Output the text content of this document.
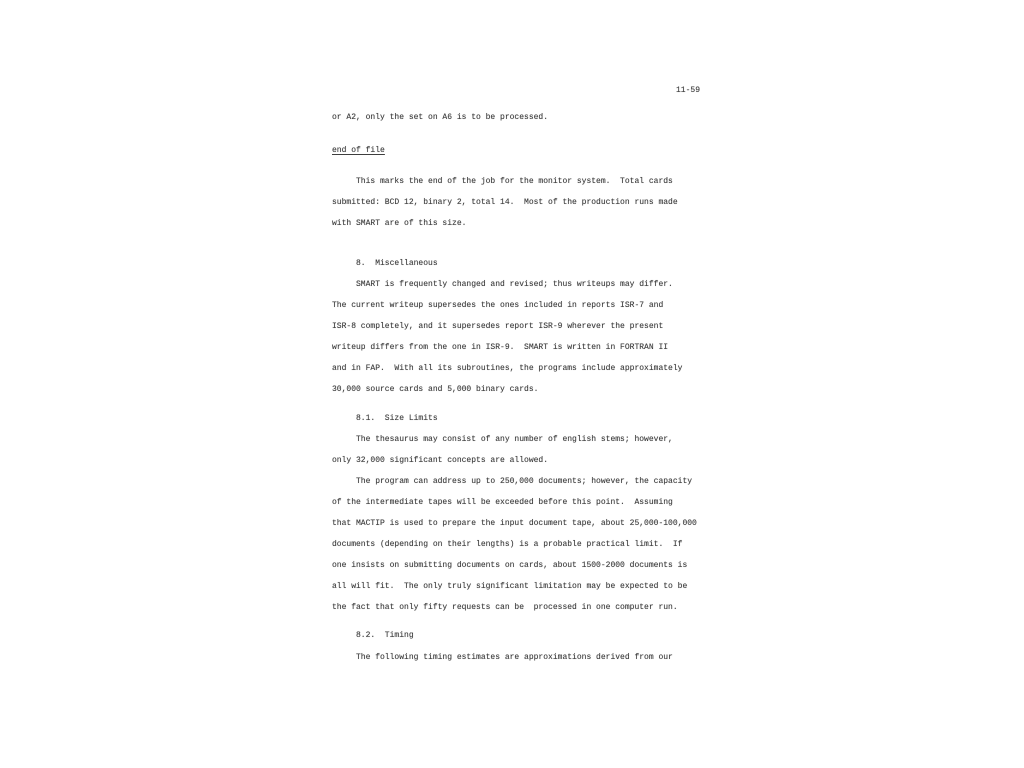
11-59
or A2, only the set on A6 is to be processed.
end of file
This marks the end of the job for the monitor system.  Total cards
submitted: BCD 12, binary 2, total 14.  Most of the production runs made
with SMART are of this size.
8.  Miscellaneous
SMART is frequently changed and revised; thus writeups may differ.
The current writeup supersedes the ones included in reports ISR-7 and
ISR-8 completely, and it supersedes report ISR-9 wherever the present
writeup differs from the one in ISR-9.  SMART is written in FORTRAN II
and in FAP.  With all its subroutines, the programs include approximately
30,000 source cards and 5,000 binary cards.
8.1.  Size Limits
The thesaurus may consist of any number of english stems; however,
only 32,000 significant concepts are allowed.
The program can address up to 250,000 documents; however, the capacity
of the intermediate tapes will be exceeded before this point.  Assuming
that MACTIP is used to prepare the input document tape, about 25,000-100,000
documents (depending on their lengths) is a probable practical limit.  If
one insists on submitting documents on cards, about 1500-2000 documents is
all will fit.  The only truly significant limitation may be expected to be
the fact that only fifty requests can be  processed in one computer run.
8.2.  Timing
The following timing estimates are approximations derived from our
